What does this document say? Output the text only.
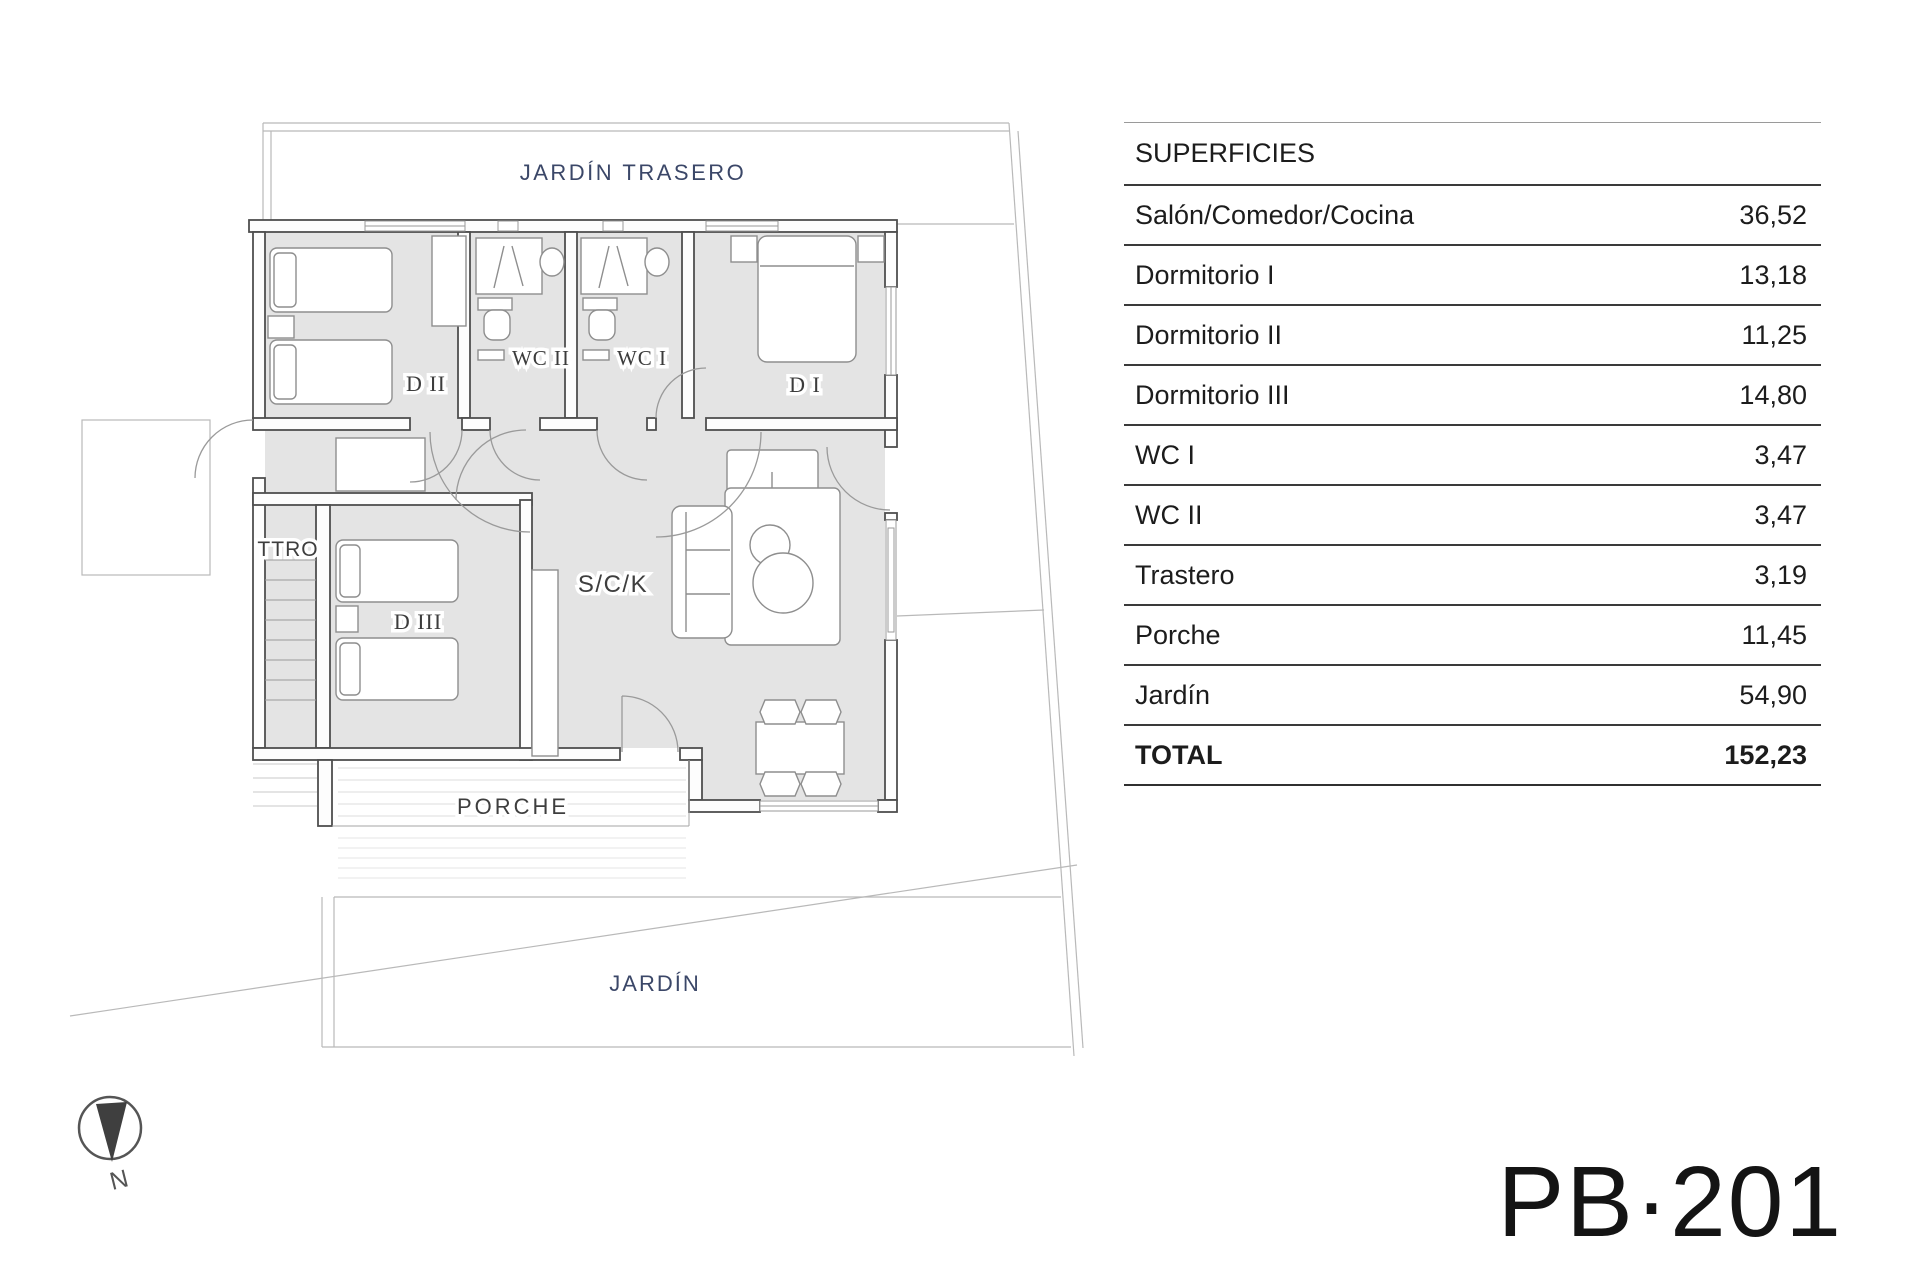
JARDÍN TRASERO
D II
WC II WC I
D I
TTRO
D III
S/C/K
PORCHE
JARDÍN
N
SUPERFICIES
Salón/Comedor/Cocina	36,52
Dormitorio I	13,18
Dormitorio II	11,25
Dormitorio III	14,80
WC I	3,47
WC II	3,47
Trastero	3,19
Porche	11,45
Jardín	54,90
TOTAL	152,23
PB·201
